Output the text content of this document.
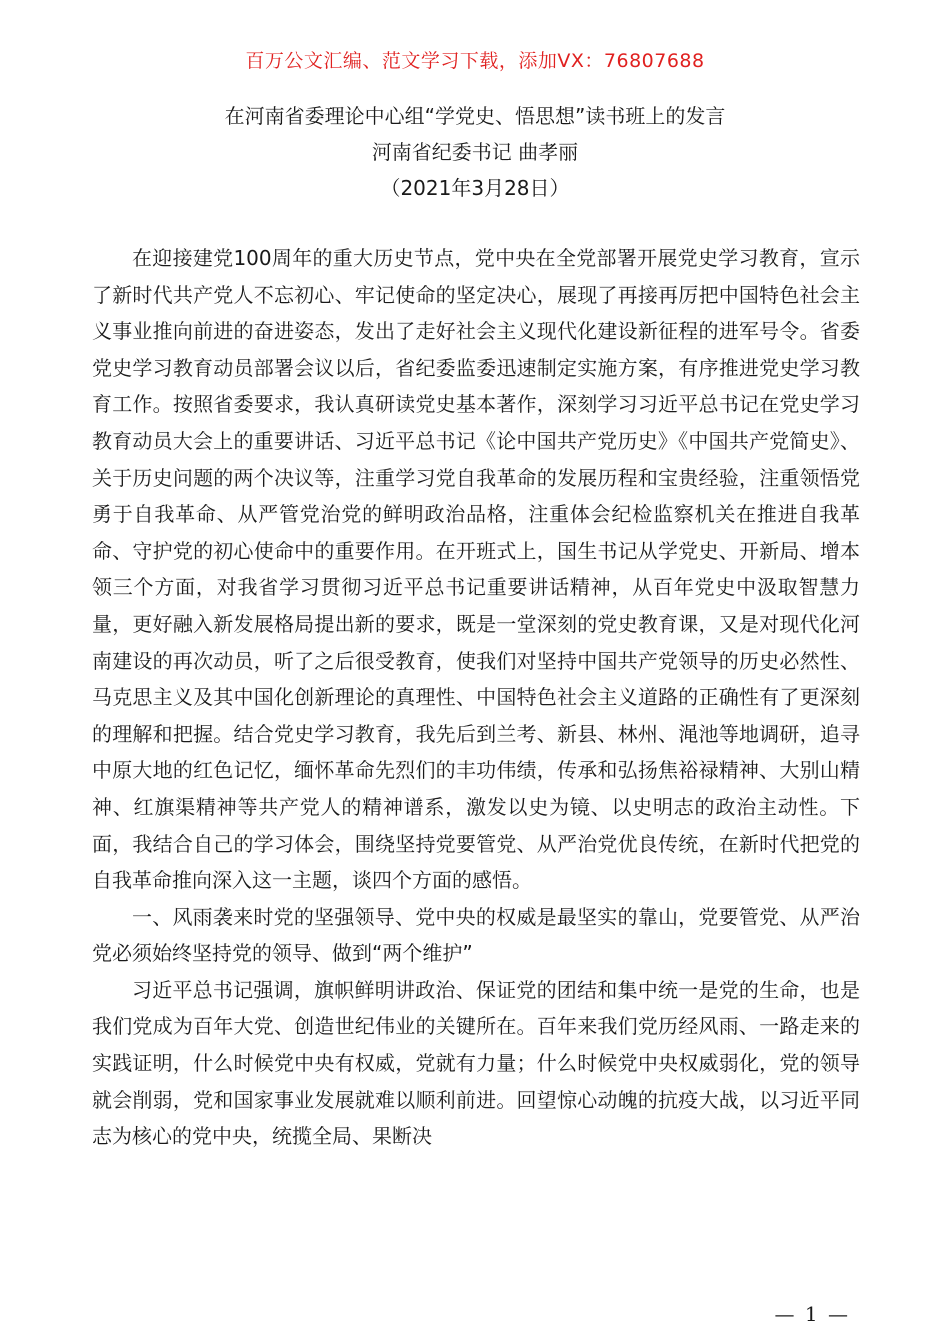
百万公文汇编、范文学习下载，添加VX：76807688
在河南省委理论中心组“学党史、悟思想”读书班上的发言
河南省纪委书记 曲孝丽
（2021年3月28日）

在迎接建党100周年的重大历史节点，党中央在全党部署开展党史学习教育，宣示了新时代共产党人不忘初心、牢记使命的坚定决心，展现了再接再厉把中国特色社会主义事业推向前进的奋进姿态，发出了走好社会主义现代化建设新征程的进军号令。省委党史学习教育动员部署会议以后，省纪委监委迅速制定实施方案，有序推进党史学习教育工作。按照省委要求，我认真研读党史基本著作，深刻学习习近平总书记在党史学习教育动员大会上的重要讲话、习近平总书记《论中国共产党历史》《中国共产党简史》、关于历史问题的两个决议等，注重学习党自我革命的发展历程和宝贵经验，注重领悟党勇于自我革命、从严管党治党的鲜明政治品格，注重体会纪检监察机关在推进自我革命、守护党的初心使命中的重要作用。在开班式上，国生书记从学党史、开新局、增本领三个方面，对我省学习贯彻习近平总书记重要讲话精神，从百年党史中汲取智慧力量，更好融入新发展格局提出新的要求，既是一堂深刻的党史教育课，又是对现代化河南建设的再次动员，听了之后很受教育，使我们对坚持中国共产党领导的历史必然性、马克思主义及其中国化创新理论的真理性、中国特色社会主义道路的正确性有了更深刻的理解和把握。结合党史学习教育，我先后到兰考、新县、林州、渑池等地调研，追寻中原大地的红色记忆，缅怀革命先烈们的丰功伟绩，传承和弘扬焦裕禄精神、大别山精神、红旗渠精神等共产党人的精神谱系，激发以史为镜、以史明志的政治主动性。下面，我结合自己的学习体会，围绕坚持党要管党、从严治党优良传统，在新时代把党的自我革命推向深入这一主题，谈四个方面的感悟。

一、风雨袭来时党的坚强领导、党中央的权威是最坚实的靠山，党要管党、从严治党必须始终坚持党的领导、做到“两个维护”

习近平总书记强调，旗帜鲜明讲政治、保证党的团结和集中统一是党的生命，也是我们党成为百年大党、创造世纪伟业的关键所在。百年来我们党历经风雨、一路走来的实践证明，什么时候党中央有权威，党就有力量；什么时候党中央权威弱化，党的领导就会削弱，党和国家事业发展就难以顺利前进。回望惊心动魄的抗疫大战，以习近平同志为核心的党中央，统揽全局、果断决

— 1 —
